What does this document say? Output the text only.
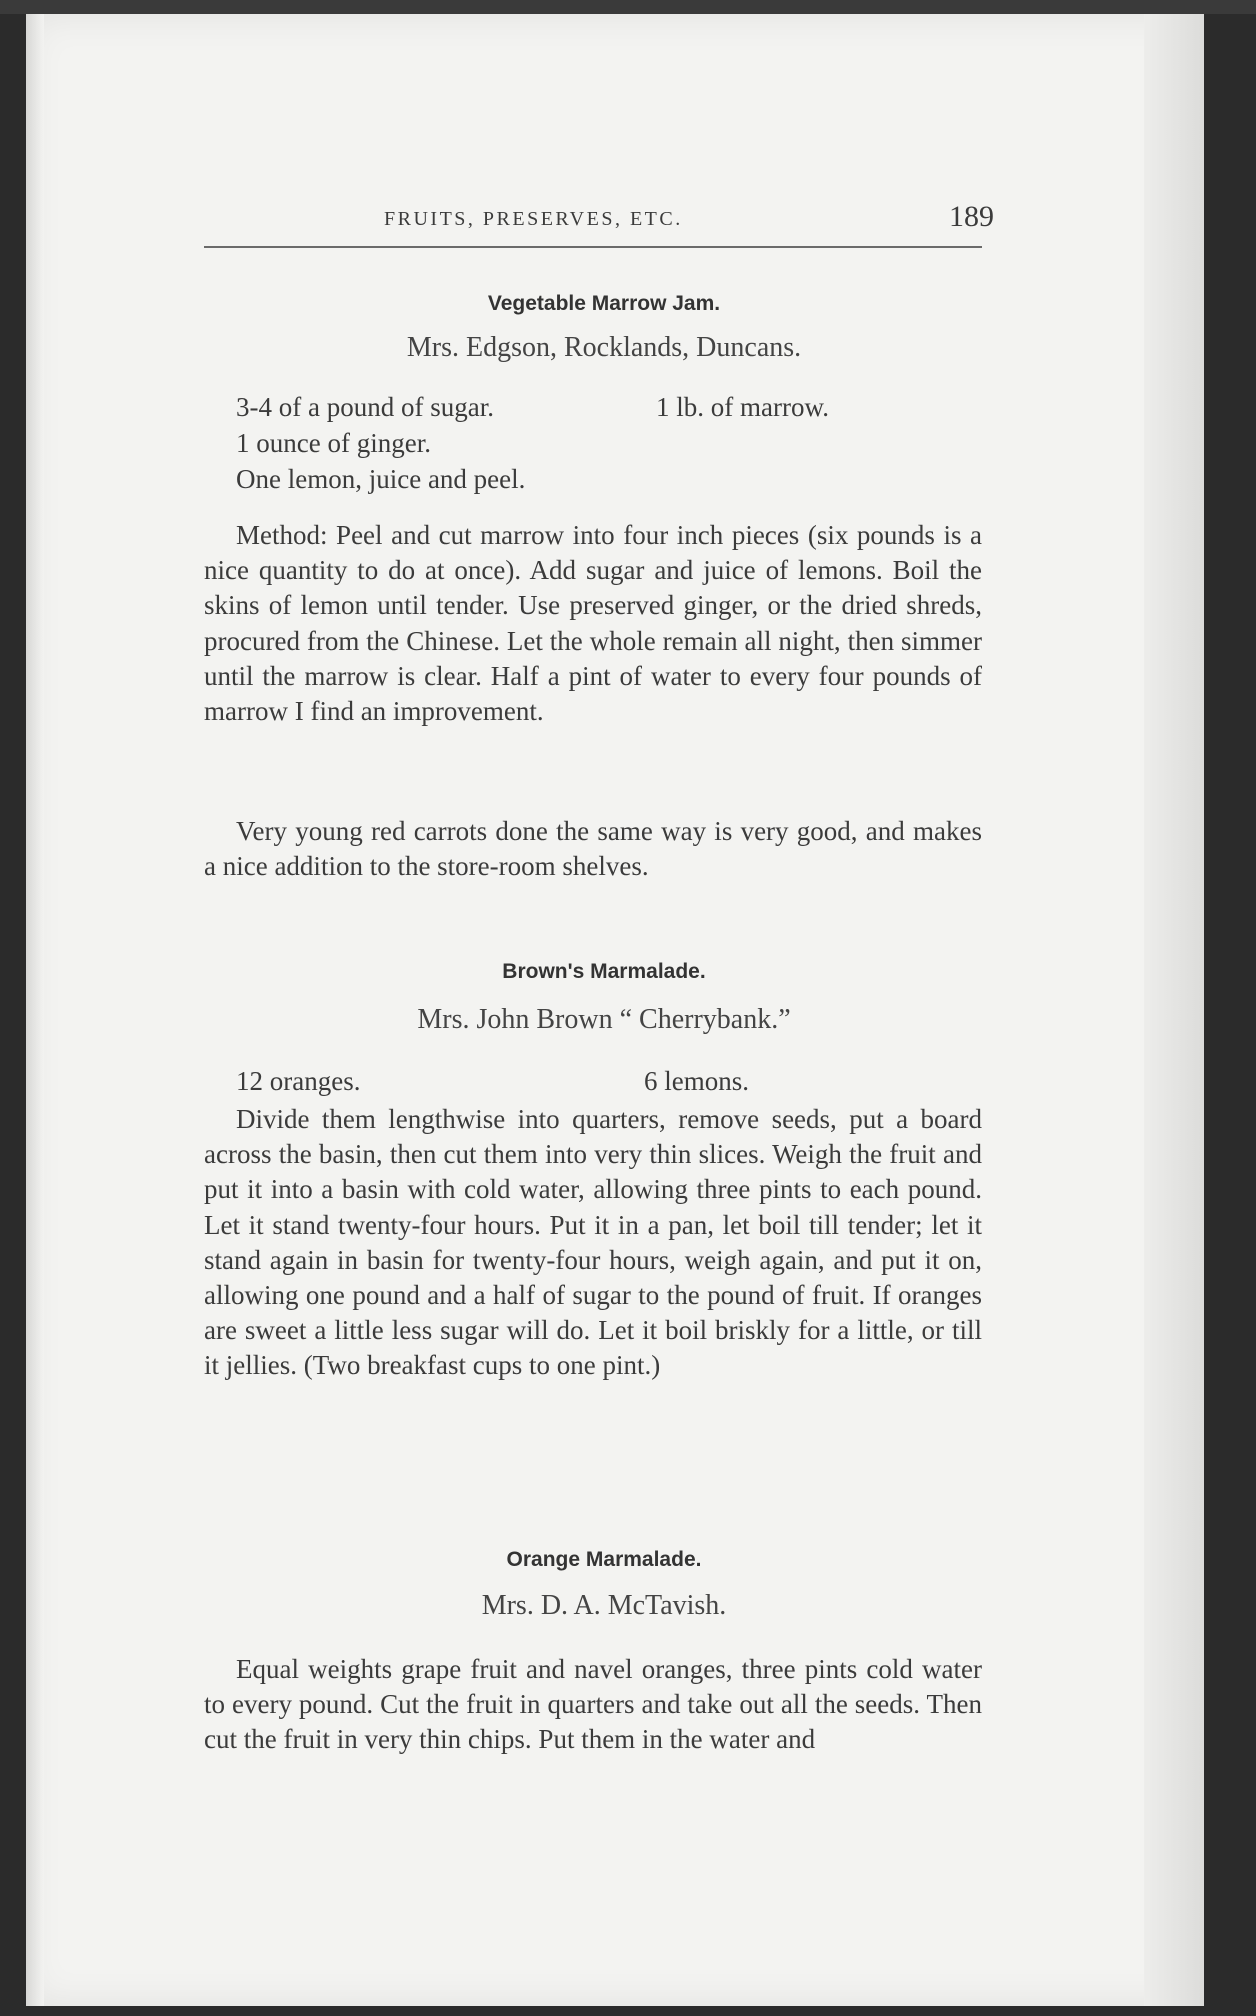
FRUITS, PRESERVES, ETC.	189
Vegetable Marrow Jam.

Mrs. Edgson, Rocklands, Duncans.

3-4 of a pound of sugar.	1 lb. of marrow.
1 ounce of ginger.
One lemon, juice and peel.

Method: Peel and cut marrow into four inch pieces (six pounds is a nice quantity to do at once). Add sugar and juice of lemons. Boil the skins of lemon until tender. Use preserved ginger, or the dried shreds, procured from the Chinese. Let the whole remain all night, then simmer until the marrow is clear. Half a pint of water to every four pounds of marrow I find an improvement.

Very young red carrots done the same way is very good, and makes a nice addition to the store-room shelves.

Brown's Marmalade.

Mrs. John Brown “ Cherrybank.”

12 oranges.	6 lemons.

Divide them lengthwise into quarters, remove seeds, put a board across the basin, then cut them into very thin slices. Weigh the fruit and put it into a basin with cold water, allowing three pints to each pound. Let it stand twenty-four hours. Put it in a pan, let boil till tender; let it stand again in basin for twenty-four hours, weigh again, and put it on, allowing one pound and a half of sugar to the pound of fruit. If oranges are sweet a little less sugar will do. Let it boil briskly for a little, or till it jellies. (Two breakfast cups to one pint.)

Orange Marmalade.

Mrs. D. A. McTavish.

Equal weights grape fruit and navel oranges, three pints cold water to every pound. Cut the fruit in quarters and take out all the seeds. Then cut the fruit in very thin chips. Put them in the water and
